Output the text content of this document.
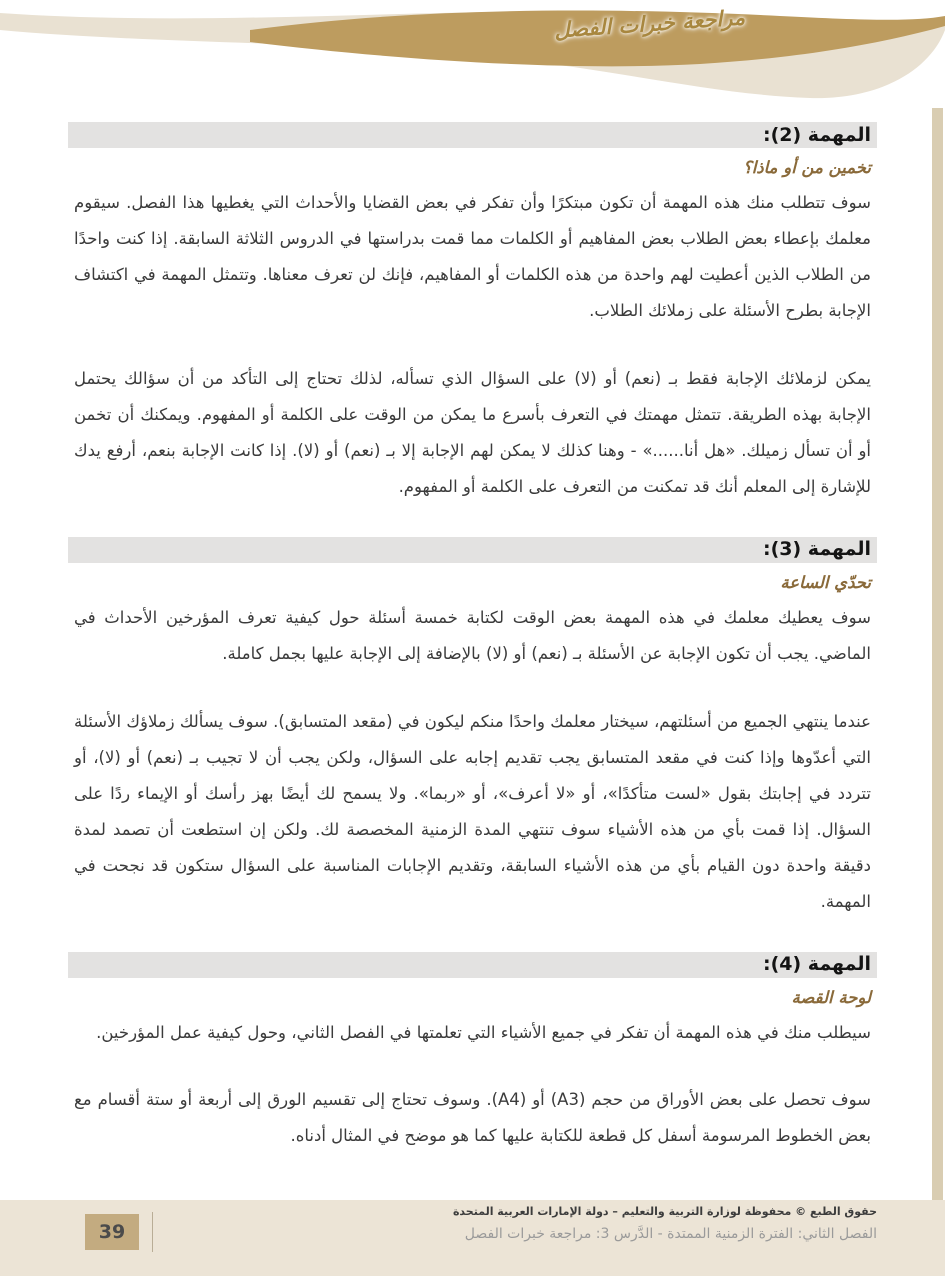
مراجعة خبرات الفصل
المهمة (2):
تخمين من أو ماذا؟

سوف تتطلب منك هذه المهمة أن تكون مبتكرًا وأن تفكر في بعض القضايا والأحداث التي يغطيها هذا الفصل. سيقوم معلمك بإعطاء بعض الطلاب بعض المفاهيم أو الكلمات مما قمت بدراستها في الدروس الثلاثة السابقة. إذا كنت واحدًا من الطلاب الذين أعطيت لهم واحدة من هذه الكلمات أو المفاهيم، فإنك لن تعرف معناها. وتتمثل المهمة في اكتشاف الإجابة بطرح الأسئلة على زملائك الطلاب.

يمكن لزملائك الإجابة فقط بـ (نعم) أو (لا) على السؤال الذي تسأله، لذلك تحتاج إلى التأكد من أن سؤالك يحتمل الإجابة بهذه الطريقة. تتمثل مهمتك في التعرف بأسرع ما يمكن من الوقت على الكلمة أو المفهوم. ويمكنك أن تخمن أو أن تسأل زميلك. «هل أنا......» - وهنا كذلك لا يمكن لهم الإجابة إلا بـ (نعم) أو (لا). إذا كانت الإجابة بنعم، أرفع يدك للإشارة إلى المعلم أنك قد تمكنت من التعرف على الكلمة أو المفهوم.

المهمة (3):
تحدّي الساعة

سوف يعطيك معلمك في هذه المهمة بعض الوقت لكتابة خمسة أسئلة حول كيفية تعرف المؤرخين الأحداث في الماضي. يجب أن تكون الإجابة عن الأسئلة بـ (نعم) أو (لا) بالإضافة إلى الإجابة عليها بجمل كاملة.

عندما ينتهي الجميع من أسئلتهم، سيختار معلمك واحدًا منكم ليكون في (مقعد المتسابق). سوف يسألك زملاؤك الأسئلة التي أعدّوها وإذا كنت في مقعد المتسابق يجب تقديم إجابه على السؤال، ولكن يجب أن لا تجيب بـ (نعم) أو (لا)، أو تتردد في إجابتك بقول «لست متأكدًا»، أو «لا أعرف»، أو «ربما». ولا يسمح لك أيضًا بهز رأسك أو الإيماء ردًا على السؤال. إذا قمت بأي من هذه الأشياء سوف تنتهي المدة الزمنية المخصصة لك. ولكن إن استطعت أن تصمد لمدة دقيقة واحدة دون القيام بأي من هذه الأشياء السابقة، وتقديم الإجابات المناسبة على السؤال ستكون قد نجحت في المهمة.

المهمة (4):
لوحة القصة

سيطلب منك في هذه المهمة أن تفكر في جميع الأشياء التي تعلمتها في الفصل الثاني، وحول كيفية عمل المؤرخين.

سوف تحصل على بعض الأوراق من حجم (A3) أو (A4). وسوف تحتاج إلى تقسيم الورق إلى أربعة أو ستة أقسام مع بعض الخطوط المرسومة أسفل كل قطعة للكتابة عليها كما هو موضح في المثال أدناه.

39
حقوق الطبع © محفوظة لوزارة التربية والتعليم – دولة الإمارات العربية المتحدة
الفصل الثاني: الفترة الزمنية الممتدة - الدَّرس 3: مراجعة خبرات الفصل
